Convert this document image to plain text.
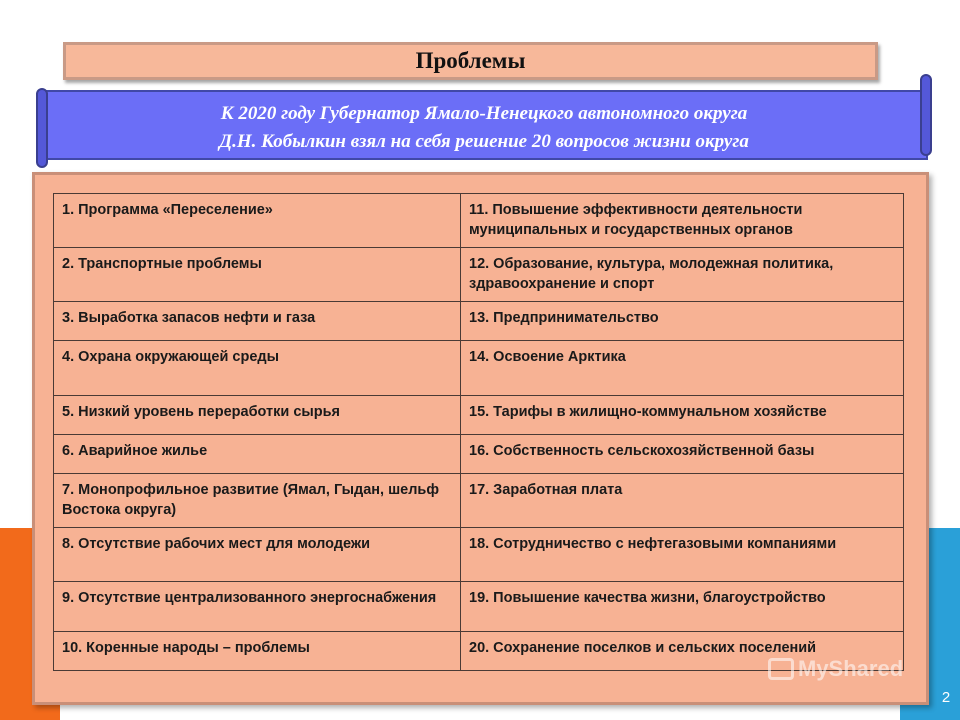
2
Проблемы
К 2020 году Губернатор Ямало-Ненецкого автономного округа
Д.Н. Кобылкин взял на себя решение 20 вопросов жизни округа
1. Программа «Переселение»	11. Повышение эффективности деятельности муниципальных и государственных органов
2. Транспортные проблемы	12. Образование, культура, молодежная политика, здравоохранение и спорт
3. Выработка запасов нефти и газа	13. Предпринимательство
4. Охрана окружающей среды	14. Освоение Арктика
5. Низкий уровень переработки сырья	15. Тарифы в жилищно-коммунальном хозяйстве
6. Аварийное жилье	16. Собственность сельскохозяйственной базы
7. Монопрофильное развитие (Ямал, Гыдан, шельф Востока округа)	17. Заработная плата
8. Отсутствие рабочих мест для молодежи	18. Сотрудничество с нефтегазовыми компаниями
9. Отсутствие централизованного энергоснабжения	19. Повышение качества жизни, благоустройство
10. Коренные народы – проблемы	20. Сохранение поселков и сельских поселений
MyShared
